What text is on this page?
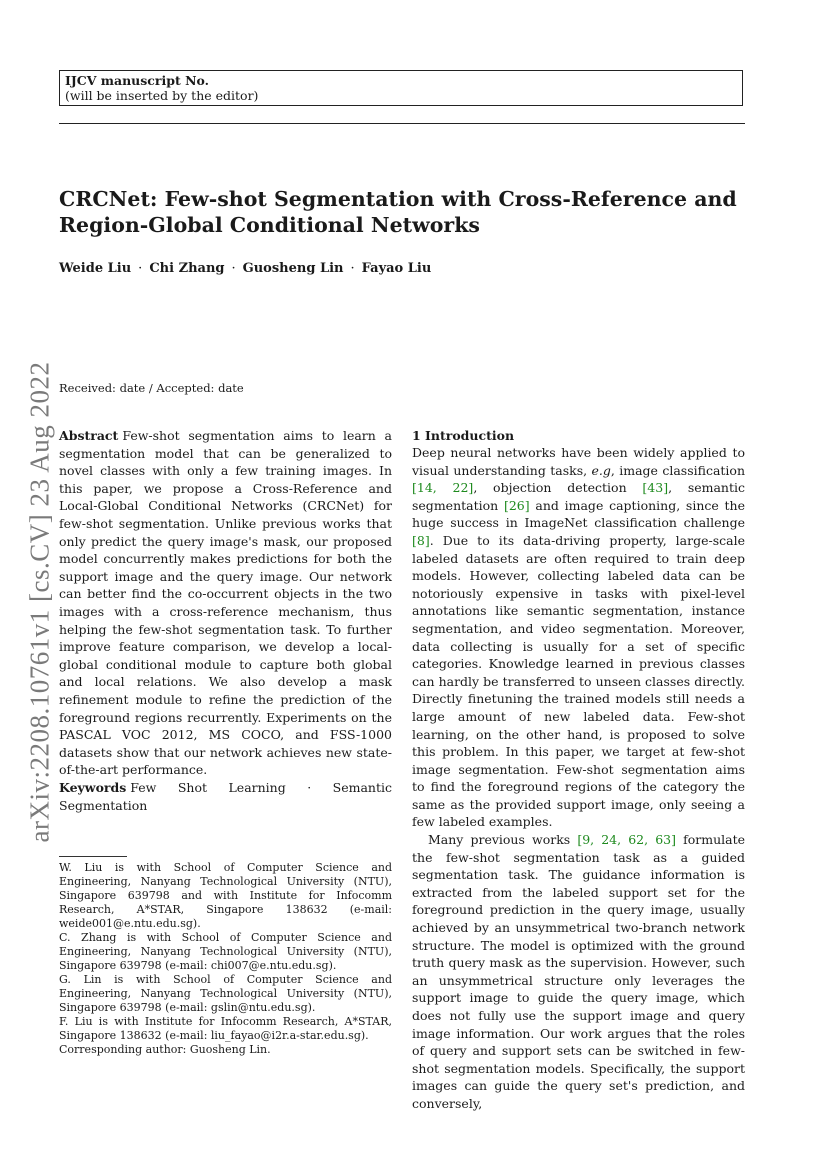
IJCV manuscript No.
(will be inserted by the editor)
CRCNet: Few-shot Segmentation with Cross-Reference and
Region-Global Conditional Networks
Weide Liu · Chi Zhang · Guosheng Lin · Fayao Liu
arXiv:2208.10761v1 [cs.CV] 23 Aug 2022 Received: date / Accepted: date

Abstract Few-shot segmentation aims to learn a segmentation model that can be generalized to novel classes with only a few training images. In this paper, we propose a Cross-Reference and Local-Global Conditional Networks (CRCNet) for few-shot segmentation. Unlike previous works that only predict the query image's mask, our proposed model concurrently makes predictions for both the support image and the query image. Our network can better find the co-occurrent objects in the two images with a cross-reference mechanism, thus helping the few-shot segmentation task. To further improve feature comparison, we develop a local-global conditional module to capture both global and local relations. We also develop a mask refinement module to refine the prediction of the foreground regions recurrently. Experiments on the PASCAL VOC 2012, MS COCO, and FSS-1000 datasets show that our network achieves new state-of-the-art performance.

Keywords Few Shot Learning · Semantic Segmentation

W. Liu is with School of Computer Science and Engineering, Nanyang Technological University (NTU), Singapore 639798 and with Institute for Infocomm Research, A*STAR, Singapore 138632 (e-mail: weide001@e.ntu.edu.sg).

C. Zhang is with School of Computer Science and Engineering, Nanyang Technological University (NTU), Singapore 639798 (e-mail: chi007@e.ntu.edu.sg).

G. Lin is with School of Computer Science and Engineering, Nanyang Technological University (NTU), Singapore 639798 (e-mail: gslin@ntu.edu.sg).

F. Liu is with Institute for Infocomm Research, A*STAR, Singapore 138632 (e-mail: liu_fayao@i2r.a-star.edu.sg).

Corresponding author: Guosheng Lin.

1 Introduction

Deep neural networks have been widely applied to visual understanding tasks, e.g, image classification [14, 22], objection detection [43], semantic segmentation [26] and image captioning, since the huge success in ImageNet classification challenge [8]. Due to its data-driving property, large-scale labeled datasets are often required to train deep models. However, collecting labeled data can be notoriously expensive in tasks with pixel-level annotations like semantic segmentation, instance segmentation, and video segmentation. Moreover, data collecting is usually for a set of specific categories. Knowledge learned in previous classes can hardly be transferred to unseen classes directly. Directly finetuning the trained models still needs a large amount of new labeled data. Few-shot learning, on the other hand, is proposed to solve this problem. In this paper, we target at few-shot image segmentation. Few-shot segmentation aims to find the foreground regions of the category the same as the provided support image, only seeing a few labeled examples.

Many previous works [9, 24, 62, 63] formulate the few-shot segmentation task as a guided segmentation task. The guidance information is extracted from the labeled support set for the foreground prediction in the query image, usually achieved by an unsymmetrical two-branch network structure. The model is optimized with the ground truth query mask as the supervision. However, such an unsymmetrical structure only leverages the support image to guide the query image, which does not fully use the support image and query image information. Our work argues that the roles of query and support sets can be switched in few-shot segmentation models. Specifically, the support images can guide the query set's prediction, and conversely,
